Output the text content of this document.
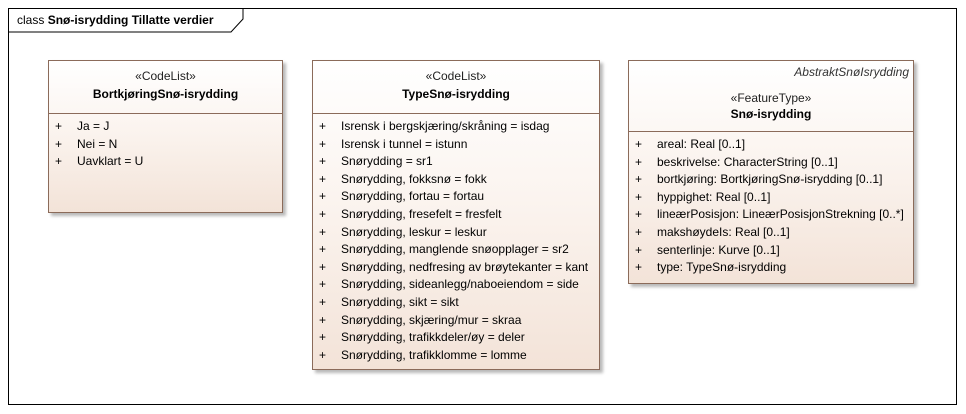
class Snø-isrydding Tillatte verdier
«CodeList»
BortkjøringSnø-isrydding
+ Ja = J
+ Nei = N
+ Uavklart = U
«CodeList»
TypeSnø-isrydding
+ Isrensk i bergskjæring/skråning = isdag
+ Isrensk i tunnel = istunn
+ Snørydding = sr1
+ Snørydding, fokksnø = fokk
+ Snørydding, fortau = fortau
+ Snørydding, fresefelt = fresfelt
+ Snørydding, leskur = leskur
+ Snørydding, manglende snøopplager = sr2
+ Snørydding, nedfresing av brøytekanter = kant
+ Snørydding, sideanlegg/naboeiendom = side
+ Snørydding, sikt = sikt
+ Snørydding, skjæring/mur = skraa
+ Snørydding, trafikkdeler/øy = deler
+ Snørydding, trafikklomme = lomme
AbstraktSnøIsrydding
«FeatureType»
Snø-isrydding
+ areal: Real [0..1]
+ beskrivelse: CharacterString [0..1]
+ bortkjøring: BortkjøringSnø-isrydding [0..1]
+ hyppighet: Real [0..1]
+ lineærPosisjon: LineærPosisjonStrekning [0..*]
+ makshøydeIs: Real [0..1]
+ senterlinje: Kurve [0..1]
+ type: TypeSnø-isrydding
